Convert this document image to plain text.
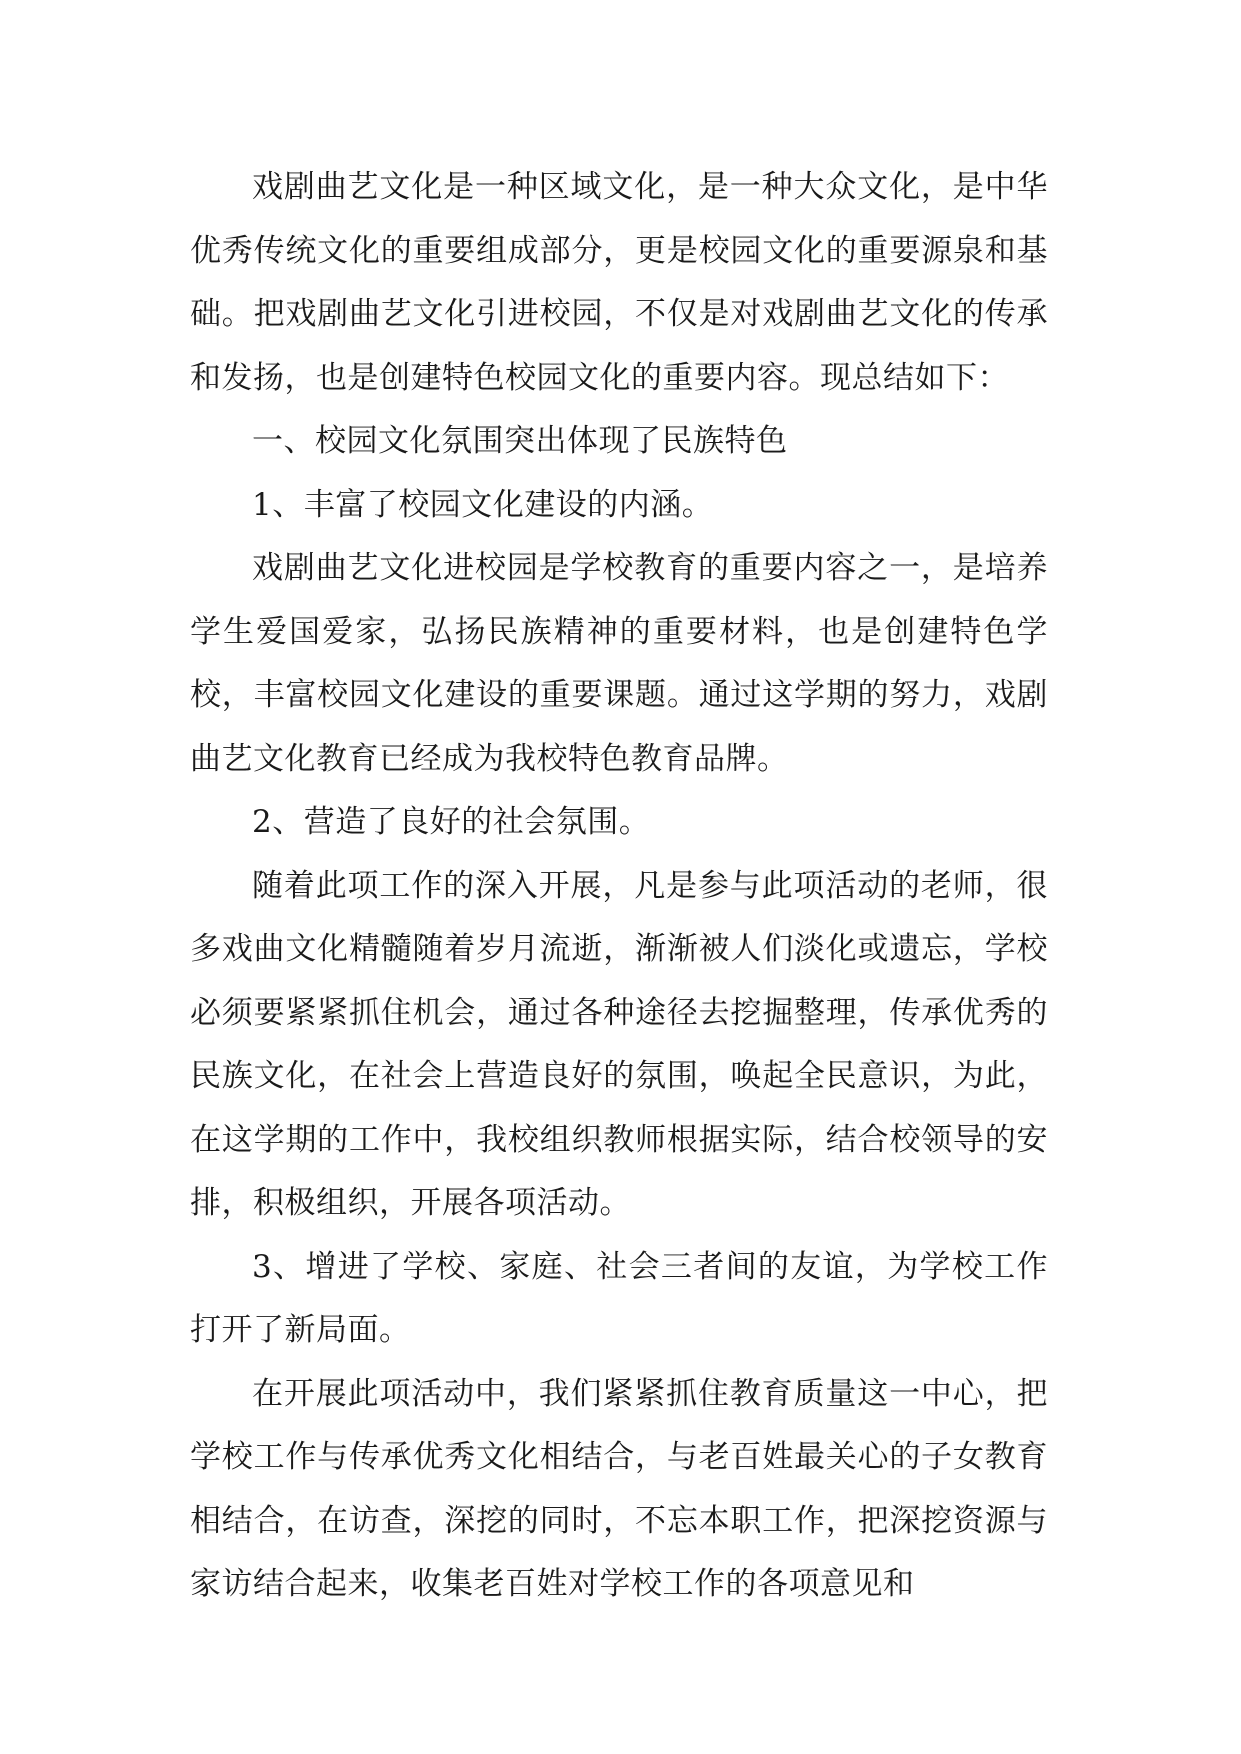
戏剧曲艺文化是一种区域文化，是一种大众文化，是中华优秀传统文化的重要组成部分，更是校园文化的重要源泉和基础。把戏剧曲艺文化引进校园，不仅是对戏剧曲艺文化的传承和发扬，也是创建特色校园文化的重要内容。现总结如下：

一、校园文化氛围突出体现了民族特色

1、丰富了校园文化建设的内涵。

戏剧曲艺文化进校园是学校教育的重要内容之一，是培养学生爱国爱家，弘扬民族精神的重要材料，也是创建特色学校，丰富校园文化建设的重要课题。通过这学期的努力，戏剧曲艺文化教育已经成为我校特色教育品牌。

2、营造了良好的社会氛围。

随着此项工作的深入开展，凡是参与此项活动的老师，很多戏曲文化精髓随着岁月流逝，渐渐被人们淡化或遗忘，学校必须要紧紧抓住机会，通过各种途径去挖掘整理，传承优秀的民族文化，在社会上营造良好的氛围，唤起全民意识，为此，在这学期的工作中，我校组织教师根据实际，结合校领导的安排，积极组织，开展各项活动。

3、增进了学校、家庭、社会三者间的友谊，为学校工作打开了新局面。

在开展此项活动中，我们紧紧抓住教育质量这一中心，把学校工作与传承优秀文化相结合，与老百姓最关心的子女教育相结合，在访查，深挖的同时，不忘本职工作，把深挖资源与家访结合起来，收集老百姓对学校工作的各项意见和
